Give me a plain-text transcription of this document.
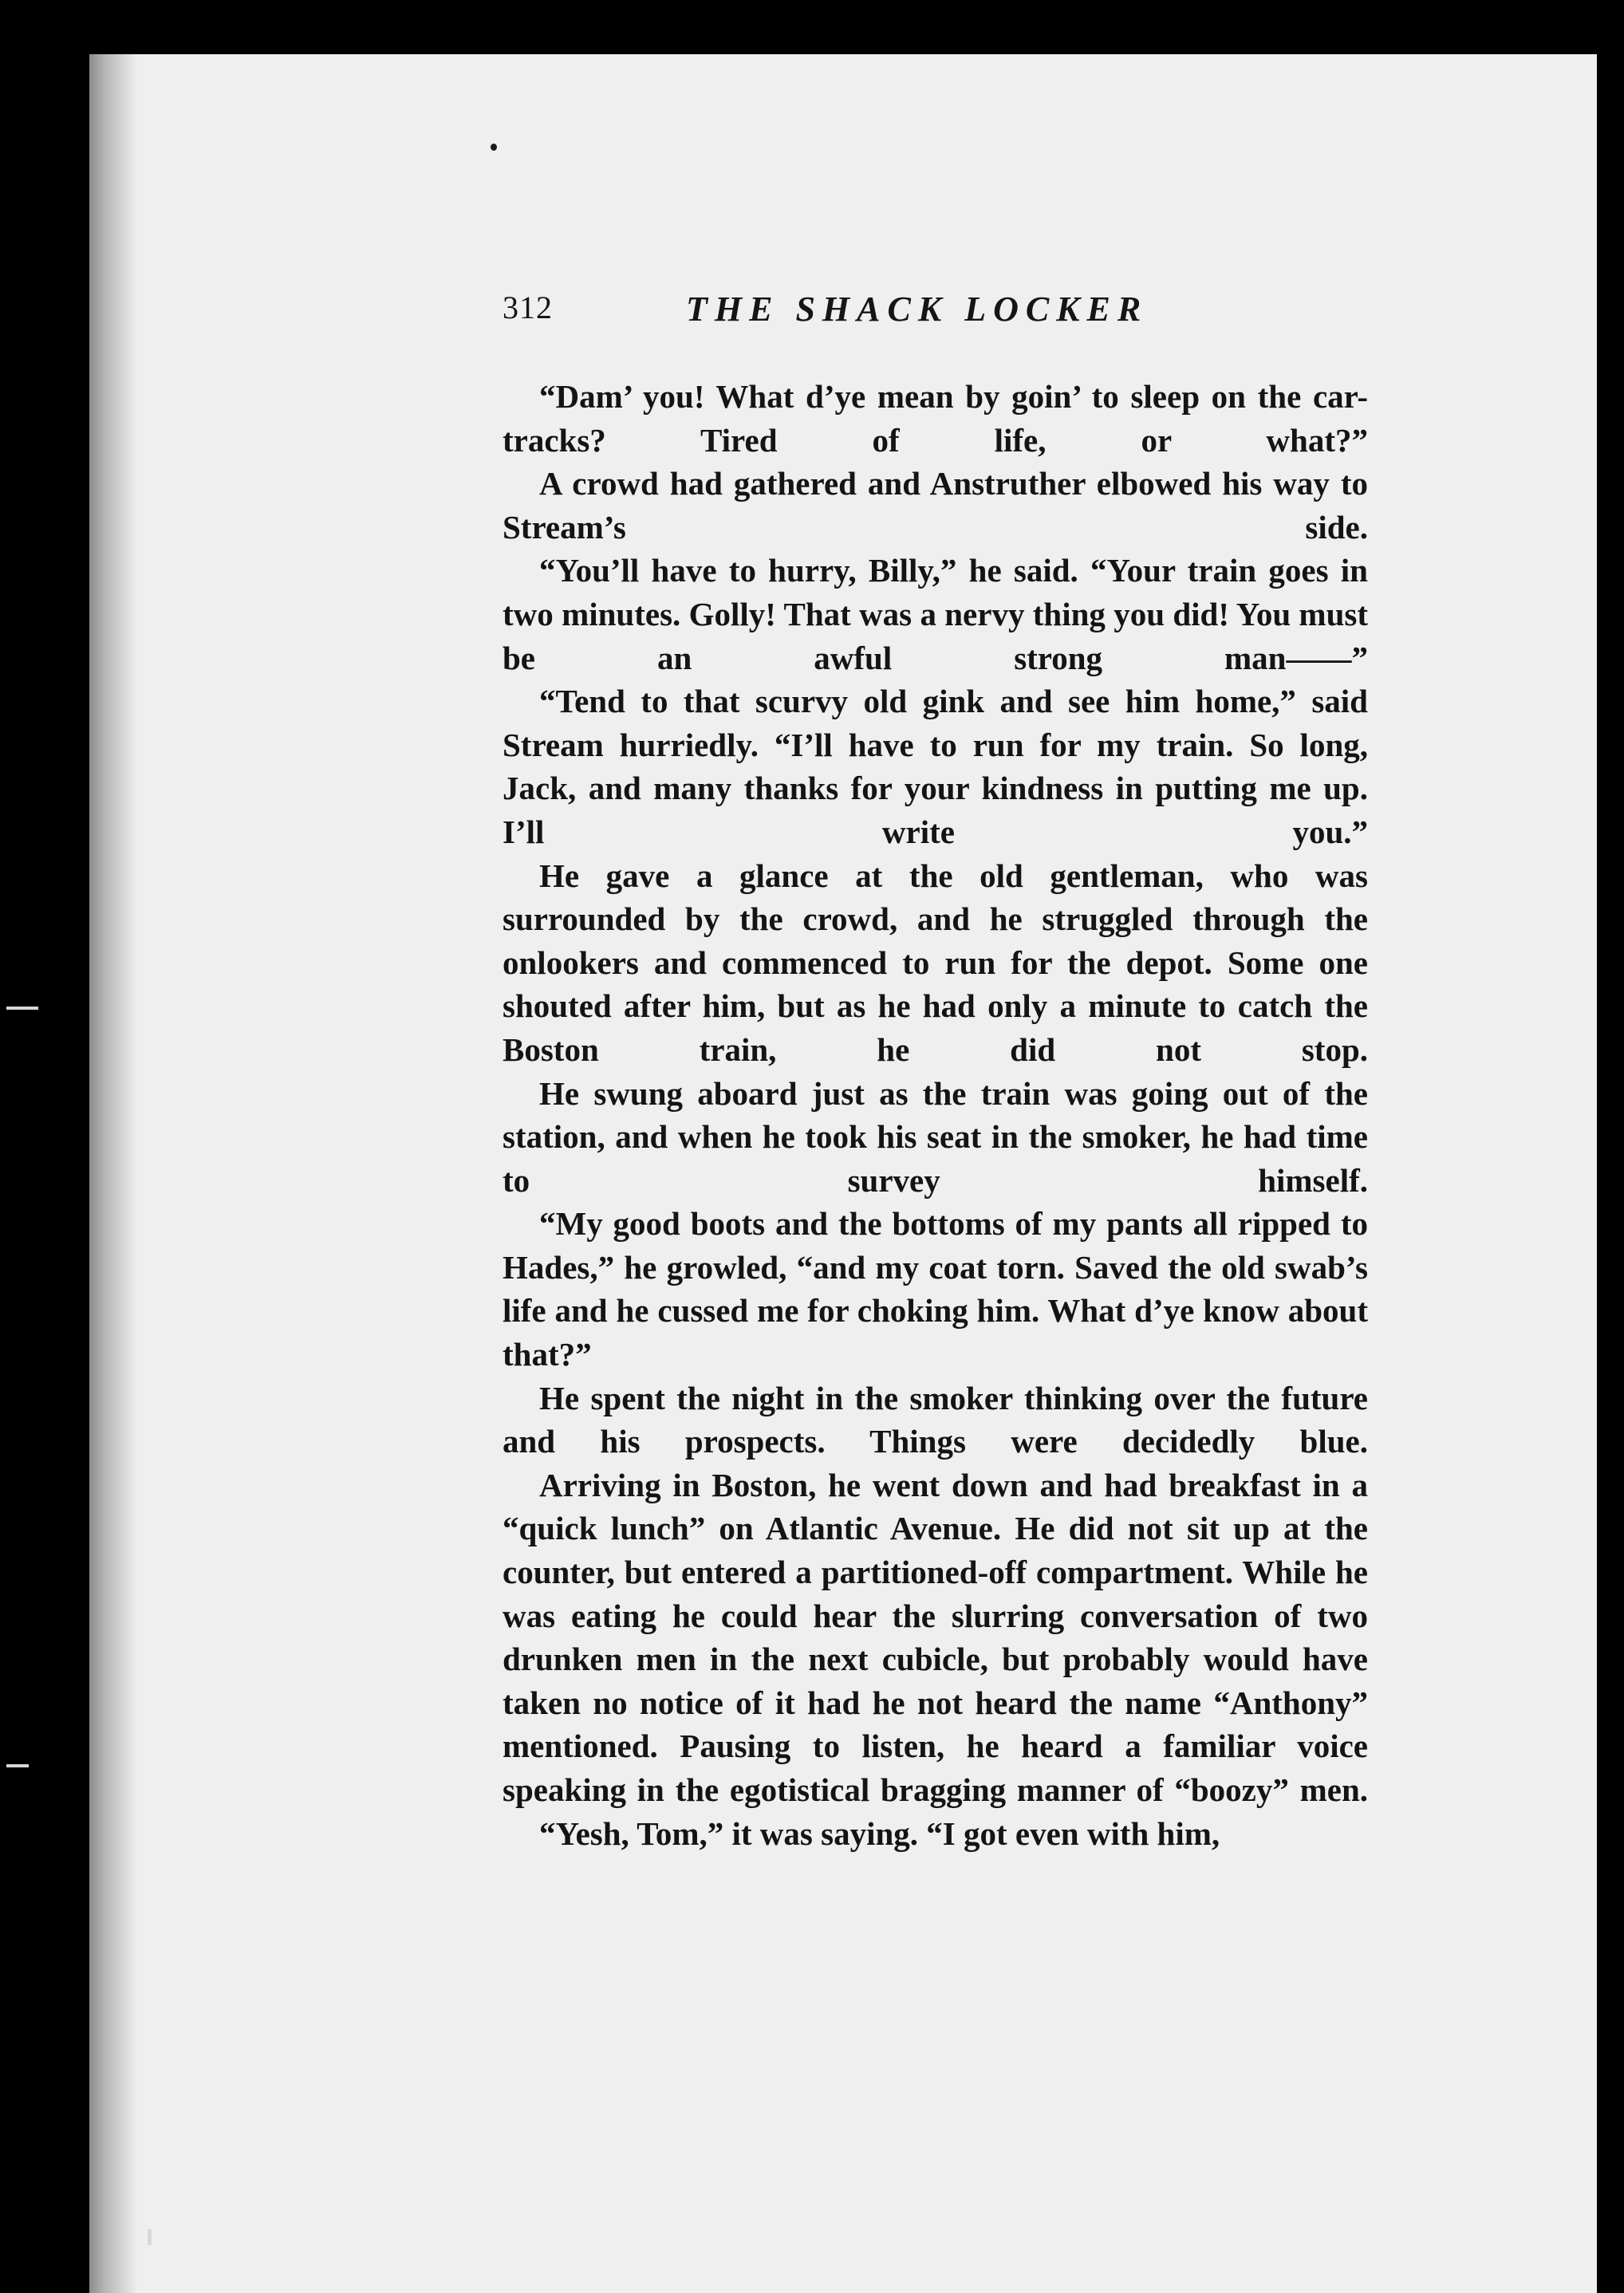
312	THE SHACK LOCKER

“Dam’ you! What d’ye mean by goin’ to sleep on the car-tracks? Tired of life, or what?”

A crowd had gathered and Anstruther elbowed his way to Stream’s side.

“You’ll have to hurry, Billy,” he said. “Your train goes in two minutes. Golly! That was a nervy thing you did! You must be an awful strong man——”

“Tend to that scurvy old gink and see him home,” said Stream hurriedly. “I’ll have to run for my train. So long, Jack, and many thanks for your kindness in putting me up. I’ll write you.”

He gave a glance at the old gentleman, who was surrounded by the crowd, and he struggled through the onlookers and commenced to run for the depot. Some one shouted after him, but as he had only a minute to catch the Boston train, he did not stop.

He swung aboard just as the train was going out of the station, and when he took his seat in the smoker, he had time to survey himself.

“My good boots and the bottoms of my pants all ripped to Hades,” he growled, “and my coat torn. Saved the old swab’s life and he cussed me for choking him. What d’ye know about that?”

He spent the night in the smoker thinking over the future and his prospects. Things were decidedly blue.

Arriving in Boston, he went down and had breakfast in a “quick lunch” on Atlantic Avenue. He did not sit up at the counter, but entered a partitioned-off compartment. While he was eating he could hear the slurring conversation of two drunken men in the next cubicle, but probably would have taken no notice of it had he not heard the name “Anthony” mentioned. Pausing to listen, he heard a familiar voice speaking in the egotistical bragging manner of “boozy” men.

“Yesh, Tom,” it was saying. “I got even with him,
